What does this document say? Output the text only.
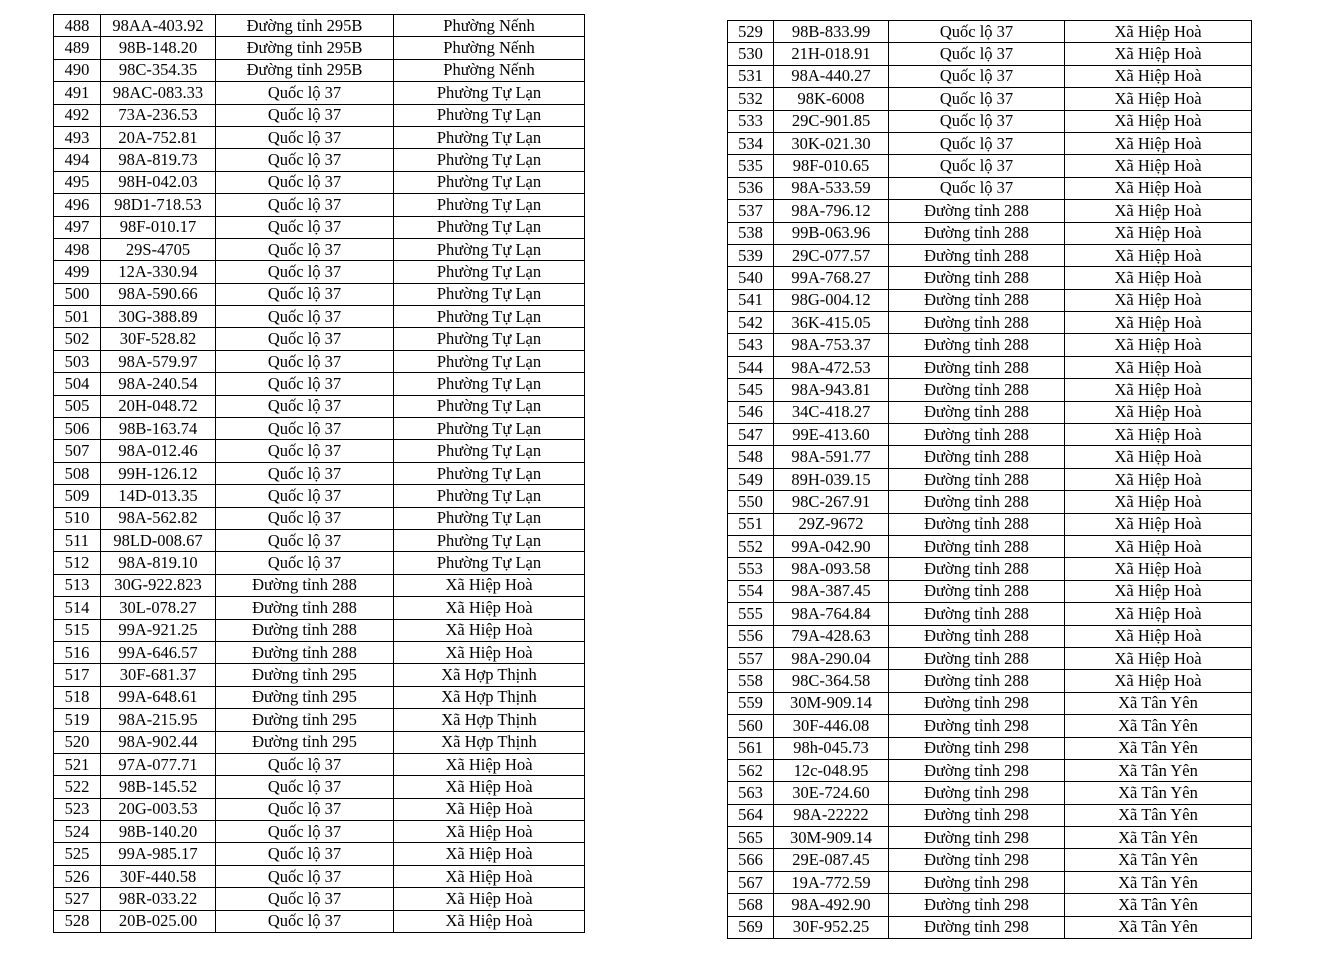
488	98AA-403.92	Đường tỉnh 295B	Phường Nếnh
489	98B-148.20	Đường tỉnh 295B	Phường Nếnh
490	98C-354.35	Đường tỉnh 295B	Phường Nếnh
491	98AC-083.33	Quốc lộ 37	Phường Tự Lạn
492	73A-236.53	Quốc lộ 37	Phường Tự Lạn
493	20A-752.81	Quốc lộ 37	Phường Tự Lạn
494	98A-819.73	Quốc lộ 37	Phường Tự Lạn
495	98H-042.03	Quốc lộ 37	Phường Tự Lạn
496	98D1-718.53	Quốc lộ 37	Phường Tự Lạn
497	98F-010.17	Quốc lộ 37	Phường Tự Lạn
498	29S-4705	Quốc lộ 37	Phường Tự Lạn
499	12A-330.94	Quốc lộ 37	Phường Tự Lạn
500	98A-590.66	Quốc lộ 37	Phường Tự Lạn
501	30G-388.89	Quốc lộ 37	Phường Tự Lạn
502	30F-528.82	Quốc lộ 37	Phường Tự Lạn
503	98A-579.97	Quốc lộ 37	Phường Tự Lạn
504	98A-240.54	Quốc lộ 37	Phường Tự Lạn
505	20H-048.72	Quốc lộ 37	Phường Tự Lạn
506	98B-163.74	Quốc lộ 37	Phường Tự Lạn
507	98A-012.46	Quốc lộ 37	Phường Tự Lạn
508	99H-126.12	Quốc lộ 37	Phường Tự Lạn
509	14D-013.35	Quốc lộ 37	Phường Tự Lạn
510	98A-562.82	Quốc lộ 37	Phường Tự Lạn
511	98LD-008.67	Quốc lộ 37	Phường Tự Lạn
512	98A-819.10	Quốc lộ 37	Phường Tự Lạn
513	30G-922.823	Đường tỉnh 288	Xã Hiệp Hoà
514	30L-078.27	Đường tỉnh 288	Xã Hiệp Hoà
515	99A-921.25	Đường tỉnh 288	Xã Hiệp Hoà
516	99A-646.57	Đường tỉnh 288	Xã Hiệp Hoà
517	30F-681.37	Đường tỉnh 295	Xã Hợp Thịnh
518	99A-648.61	Đường tỉnh 295	Xã Hợp Thịnh
519	98A-215.95	Đường tỉnh 295	Xã Hợp Thịnh
520	98A-902.44	Đường tỉnh 295	Xã Hợp Thịnh
521	97A-077.71	Quốc lộ 37	Xã Hiệp Hoà
522	98B-145.52	Quốc lộ 37	Xã Hiệp Hoà
523	20G-003.53	Quốc lộ 37	Xã Hiệp Hoà
524	98B-140.20	Quốc lộ 37	Xã Hiệp Hoà
525	99A-985.17	Quốc lộ 37	Xã Hiệp Hoà
526	30F-440.58	Quốc lộ 37	Xã Hiệp Hoà
527	98R-033.22	Quốc lộ 37	Xã Hiệp Hoà
528	20B-025.00	Quốc lộ 37	Xã Hiệp Hoà
529	98B-833.99	Quốc lộ 37	Xã Hiệp Hoà
530	21H-018.91	Quốc lộ 37	Xã Hiệp Hoà
531	98A-440.27	Quốc lộ 37	Xã Hiệp Hoà
532	98K-6008	Quốc lộ 37	Xã Hiệp Hoà
533	29C-901.85	Quốc lộ 37	Xã Hiệp Hoà
534	30K-021.30	Quốc lộ 37	Xã Hiệp Hoà
535	98F-010.65	Quốc lộ 37	Xã Hiệp Hoà
536	98A-533.59	Quốc lộ 37	Xã Hiệp Hoà
537	98A-796.12	Đường tỉnh 288	Xã Hiệp Hoà
538	99B-063.96	Đường tỉnh 288	Xã Hiệp Hoà
539	29C-077.57	Đường tỉnh 288	Xã Hiệp Hoà
540	99A-768.27	Đường tỉnh 288	Xã Hiệp Hoà
541	98G-004.12	Đường tỉnh 288	Xã Hiệp Hoà
542	36K-415.05	Đường tỉnh 288	Xã Hiệp Hoà
543	98A-753.37	Đường tỉnh 288	Xã Hiệp Hoà
544	98A-472.53	Đường tỉnh 288	Xã Hiệp Hoà
545	98A-943.81	Đường tỉnh 288	Xã Hiệp Hoà
546	34C-418.27	Đường tỉnh 288	Xã Hiệp Hoà
547	99E-413.60	Đường tỉnh 288	Xã Hiệp Hoà
548	98A-591.77	Đường tỉnh 288	Xã Hiệp Hoà
549	89H-039.15	Đường tỉnh 288	Xã Hiệp Hoà
550	98C-267.91	Đường tỉnh 288	Xã Hiệp Hoà
551	29Z-9672	Đường tỉnh 288	Xã Hiệp Hoà
552	99A-042.90	Đường tỉnh 288	Xã Hiệp Hoà
553	98A-093.58	Đường tỉnh 288	Xã Hiệp Hoà
554	98A-387.45	Đường tỉnh 288	Xã Hiệp Hoà
555	98A-764.84	Đường tỉnh 288	Xã Hiệp Hoà
556	79A-428.63	Đường tỉnh 288	Xã Hiệp Hoà
557	98A-290.04	Đường tỉnh 288	Xã Hiệp Hoà
558	98C-364.58	Đường tỉnh 288	Xã Hiệp Hoà
559	30M-909.14	Đường tỉnh 298	Xã Tân Yên
560	30F-446.08	Đường tỉnh 298	Xã Tân Yên
561	98h-045.73	Đường tỉnh 298	Xã Tân Yên
562	12c-048.95	Đường tỉnh 298	Xã Tân Yên
563	30E-724.60	Đường tỉnh 298	Xã Tân Yên
564	98A-22222	Đường tỉnh 298	Xã Tân Yên
565	30M-909.14	Đường tỉnh 298	Xã Tân Yên
566	29E-087.45	Đường tỉnh 298	Xã Tân Yên
567	19A-772.59	Đường tỉnh 298	Xã Tân Yên
568	98A-492.90	Đường tỉnh 298	Xã Tân Yên
569	30F-952.25	Đường tỉnh 298	Xã Tân Yên
